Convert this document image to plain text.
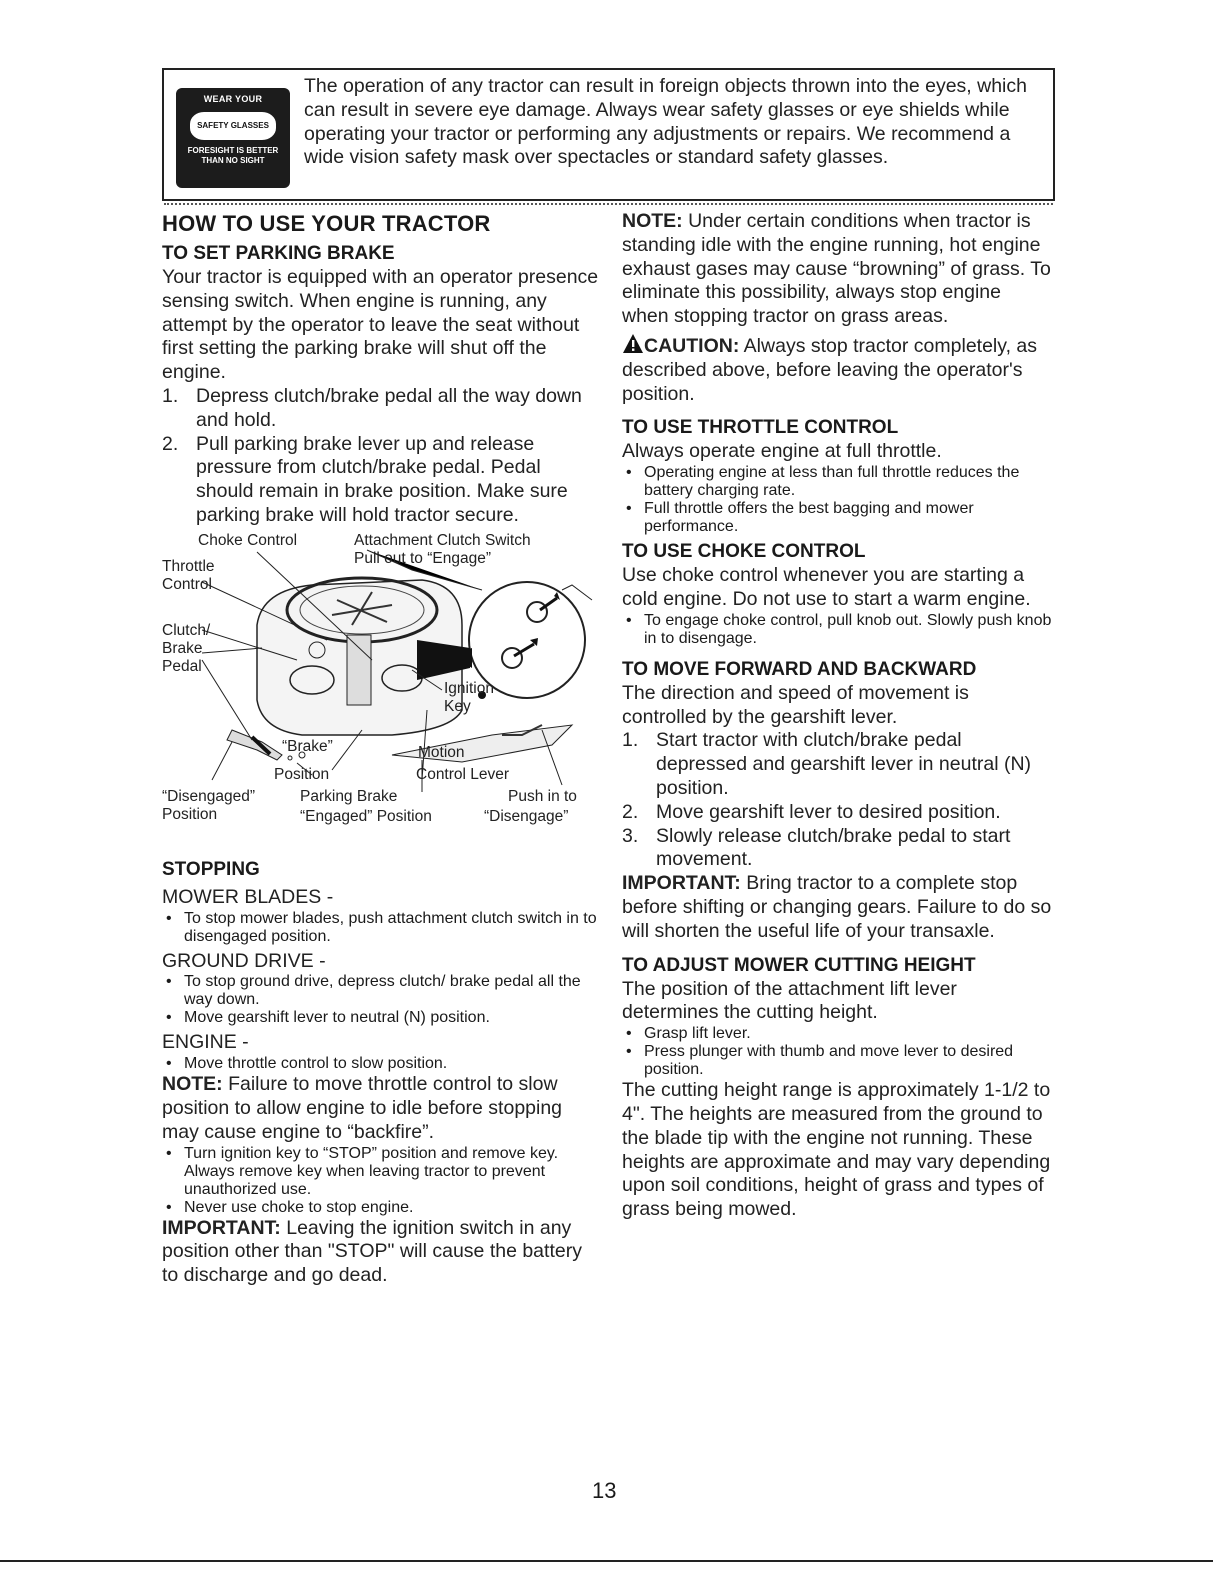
WEAR YOUR
SAFETY GLASSES
FORESIGHT IS BETTER THAN NO SIGHT
The operation of any tractor can result in foreign objects thrown into the eyes, which can result in severe eye damage. Always wear safety glasses or eye shields while operating your tractor or performing any adjustments or repairs. We recommend a wide vision safety mask over spectacles or standard safety glasses.
HOW TO USE YOUR TRACTOR
TO SET PARKING BRAKE

Your tractor is equipped with an operator presence sensing switch. When engine is running, any attempt by the operator to leave the seat without first setting the parking brake will shut off the engine.

1. Depress clutch/brake pedal all the way down and hold.
2. Pull parking brake lever up and release pressure from clutch/brake pedal. Pedal should remain in brake position. Make sure parking brake will hold tractor secure.
Choke Control	Attachment Clutch Switch
Pull out to “Engage”
Throttle
Control
Clutch/
Brake
Pedal
Ignition
Key
“Brake”
Position
Motion
Control Lever
“Disengaged”
Position
Parking Brake
“Engaged” Position
Push in to
“Disengage”
STOPPING

MOWER BLADES -

• To stop mower blades, push attachment clutch switch in to disengaged position.

GROUND DRIVE -

• To stop ground drive, depress clutch/ brake pedal all the way down.
• Move gearshift lever to neutral (N) position.

ENGINE -

• Move throttle control to slow position.

NOTE: Failure to move throttle control to slow position to allow engine to idle before stopping may cause engine to “backfire”.

• Turn ignition key to “STOP” position and remove key. Always remove key when leaving tractor to prevent unauthorized use.
• Never use choke to stop engine.

IMPORTANT: Leaving the ignition switch in any position other than "STOP" will cause the battery to discharge and go dead.

NOTE: Under certain conditions when tractor is standing idle with the engine running, hot engine exhaust gases may cause “browning” of grass. To eliminate this possibility, always stop engine when stopping tractor on grass areas.

CAUTION: Always stop tractor completely, as described above, before leaving the operator's position.

TO USE THROTTLE CONTROL

Always operate engine at full throttle.

• Operating engine at less than full throttle reduces the battery charging rate.
• Full throttle offers the best bagging and mower performance.
TO USE CHOKE CONTROL

Use choke control whenever you are starting a cold engine. Do not use to start a warm engine.

• To engage choke control, pull knob out. Slowly push knob in to disengage.
TO MOVE FORWARD AND BACKWARD

The direction and speed of movement is controlled by the gearshift lever.

1. Start tractor with clutch/brake pedal depressed and gearshift lever in neutral (N) position.
2. Move gearshift lever to desired position.
3. Slowly release clutch/brake pedal to start movement.

IMPORTANT: Bring tractor to a complete stop before shifting or changing gears. Failure to do so will shorten the useful life of your transaxle.

TO ADJUST MOWER CUTTING HEIGHT

The position of the attachment lift lever determines the cutting height.

• Grasp lift lever.
• Press plunger with thumb and move lever to desired position.

The cutting height range is approximately 1-1/2 to 4". The heights are measured from the ground to the blade tip with the engine not running. These heights are approximate and may vary depending upon soil conditions, height of grass and types of grass being mowed.

13
